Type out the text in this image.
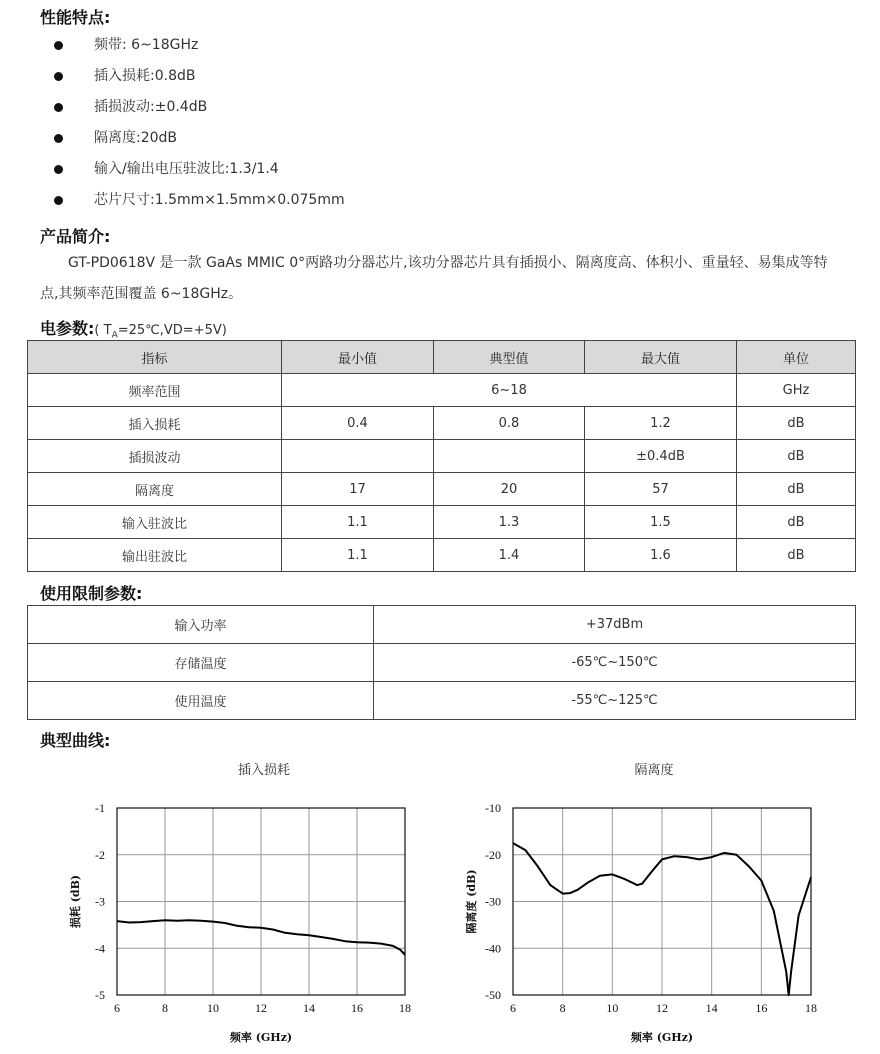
性能特点:
频带: 6~18GHz
插入损耗:0.8dB
插损波动:±0.4dB
隔离度:20dB
输入/输出电压驻波比:1.3/1.4
芯片尺寸:1.5mm×1.5mm×0.075mm
产品简介:
GT-PD0618V 是一款 GaAs MMIC 0°两路功分器芯片,该功分器芯片具有插损小、隔离度高、体积小、重量轻、易集成等特点,其频率范围覆盖 6~18GHz。
电参数:( $T_A=25℃,VD=+5V$)
指标	最小值	典型值	最大值	单位
频率范围	6~18			GHz
插入损耗	0.4	0.8	1.2	dB
插损波动			±0.4dB	dB
隔离度	17	20	57	dB
输入驻波比	1.1	1.3	1.5	dB
输出驻波比	1.1	1.4	1.6	dB
使用限制参数:
输入功率	+37dBm
存储温度	-65℃~150℃
使用温度	-55℃~125℃
典型曲线:
插入损耗	隔离度
6	8	10	12	14	16	18
-1
-2
-3
-4
-5
频率 (GHz)
损耗 (dB)
6	8	10	12	14	16	18
-10
-20
-30
-40
-50
频率 (GHz)
隔离度 (dB)
